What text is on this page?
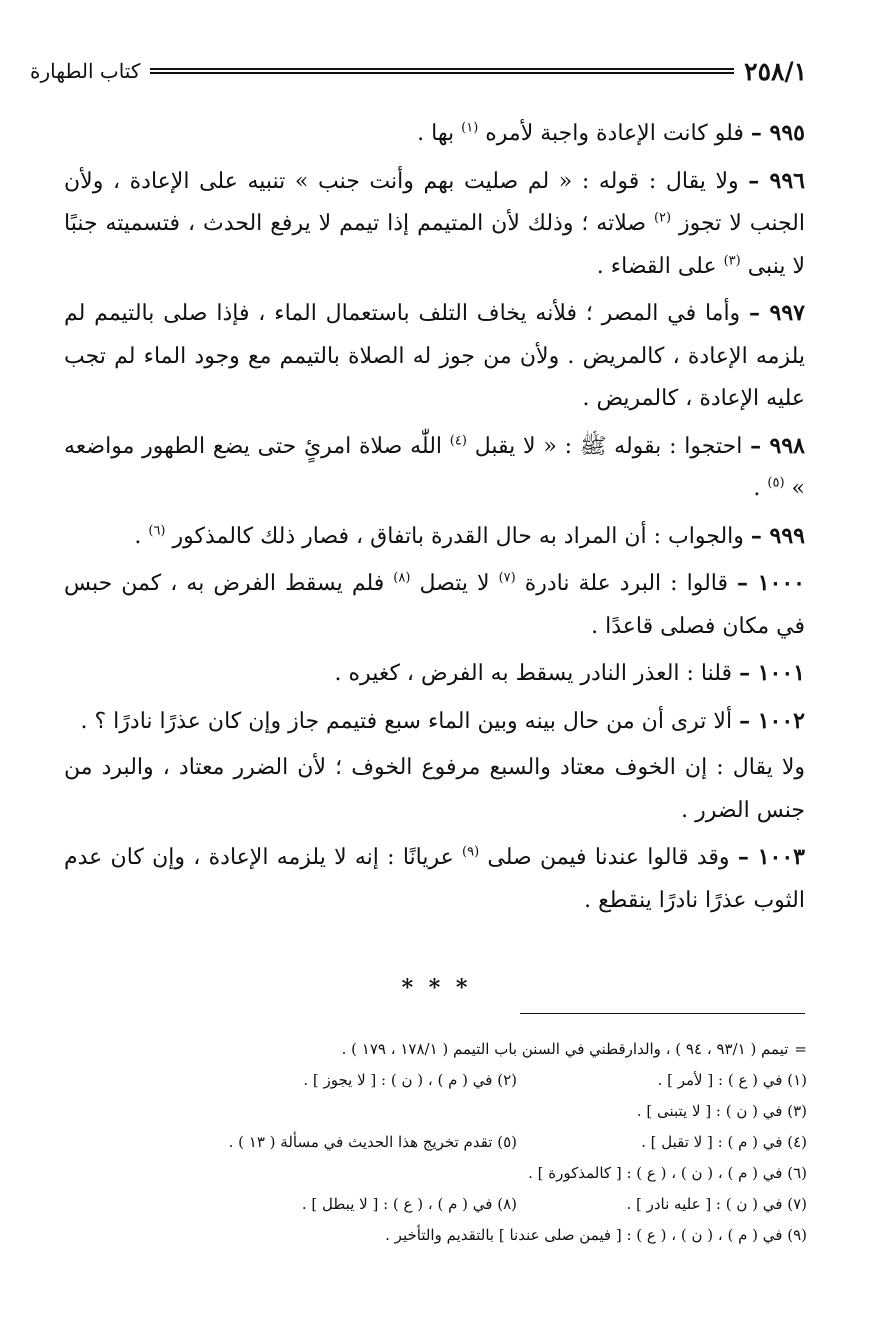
٢٥٨/١
كتاب الطهارة

٩٩٥ – فلو كانت الإعادة واجبة لأمره $^{(١)}$ بها .

٩٩٦ – ولا يقال : قوله : « لم صليت بهم وأنت جنب » تنبيه على الإعادة ، ولأن الجنب لا تجوز $^{(٢)}$ صلاته ؛ وذلك لأن المتيمم إذا تيمم لا يرفع الحدث ، فتسميته جنبًا لا ينبى $^{(٣)}$ على القضاء .

٩٩٧ – وأما في المصر ؛ فلأنه يخاف التلف باستعمال الماء ، فإذا صلى بالتيمم لم يلزمه الإعادة ، كالمريض . ولأن من جوز له الصلاة بالتيمم مع وجود الماء لم تجب عليه الإعادة ، كالمريض .

٩٩٨ – احتجوا : بقوله ﷺ : « لا يقبل $^{(٤)}$ اللّٰه صلاة امرئٍ حتى يضع الطهور مواضعه » $^{(٥)}$ .

٩٩٩ – والجواب : أن المراد به حال القدرة باتفاق ، فصار ذلك كالمذكور $^{(٦)}$ .

١٠٠٠ – قالوا : البرد علة نادرة $^{(٧)}$ لا يتصل $^{(٨)}$ فلم يسقط الفرض به ، كمن حبس في مكان فصلى قاعدًا .

١٠٠١ – قلنا : العذر النادر يسقط به الفرض ، كغيره .

١٠٠٢ – ألا ترى أن من حال بينه وبين الماء سبع فتيمم جاز وإن كان عذرًا نادرًا ؟ .

ولا يقال : إن الخوف معتاد والسبع مرفوع الخوف ؛ لأن الضرر معتاد ، والبرد من جنس الضرر .

١٠٠٣ – وقد قالوا عندنا فيمن صلى $^{(٩)}$ عريانًا : إنه لا يلزمه الإعادة ، وإن كان عدم الثوب عذرًا نادرًا ينقطع .

* * *
=
تيمم ( ٩٣/١ ، ٩٤ ) ، والدارقطني في السنن باب التيمم ( ١٧٨/١ ، ١٧٩ ) .
(١) في ( ع ) : [ لأمر ] .
(٢) في ( م ) ، ( ن ) : [ لا يجوز ] .
(٣) في ( ن ) : [ لا يتبنى ] .
(٤) في ( م ) : [ لا تقبل ] .
(٥) تقدم تخريج هذا الحديث في مسألة ( ١٣ ) .
(٦) في ( م ) ، ( ن ) ، ( ع ) : [ كالمذكورة ] .
(٧) في ( ن ) : [ عليه نادر ] .
(٨) في ( م ) ، ( ع ) : [ لا يبطل ] .
(٩) في ( م ) ، ( ن ) ، ( ع ) : [ فيمن صلى عندنا ] بالتقديم والتأخير .
